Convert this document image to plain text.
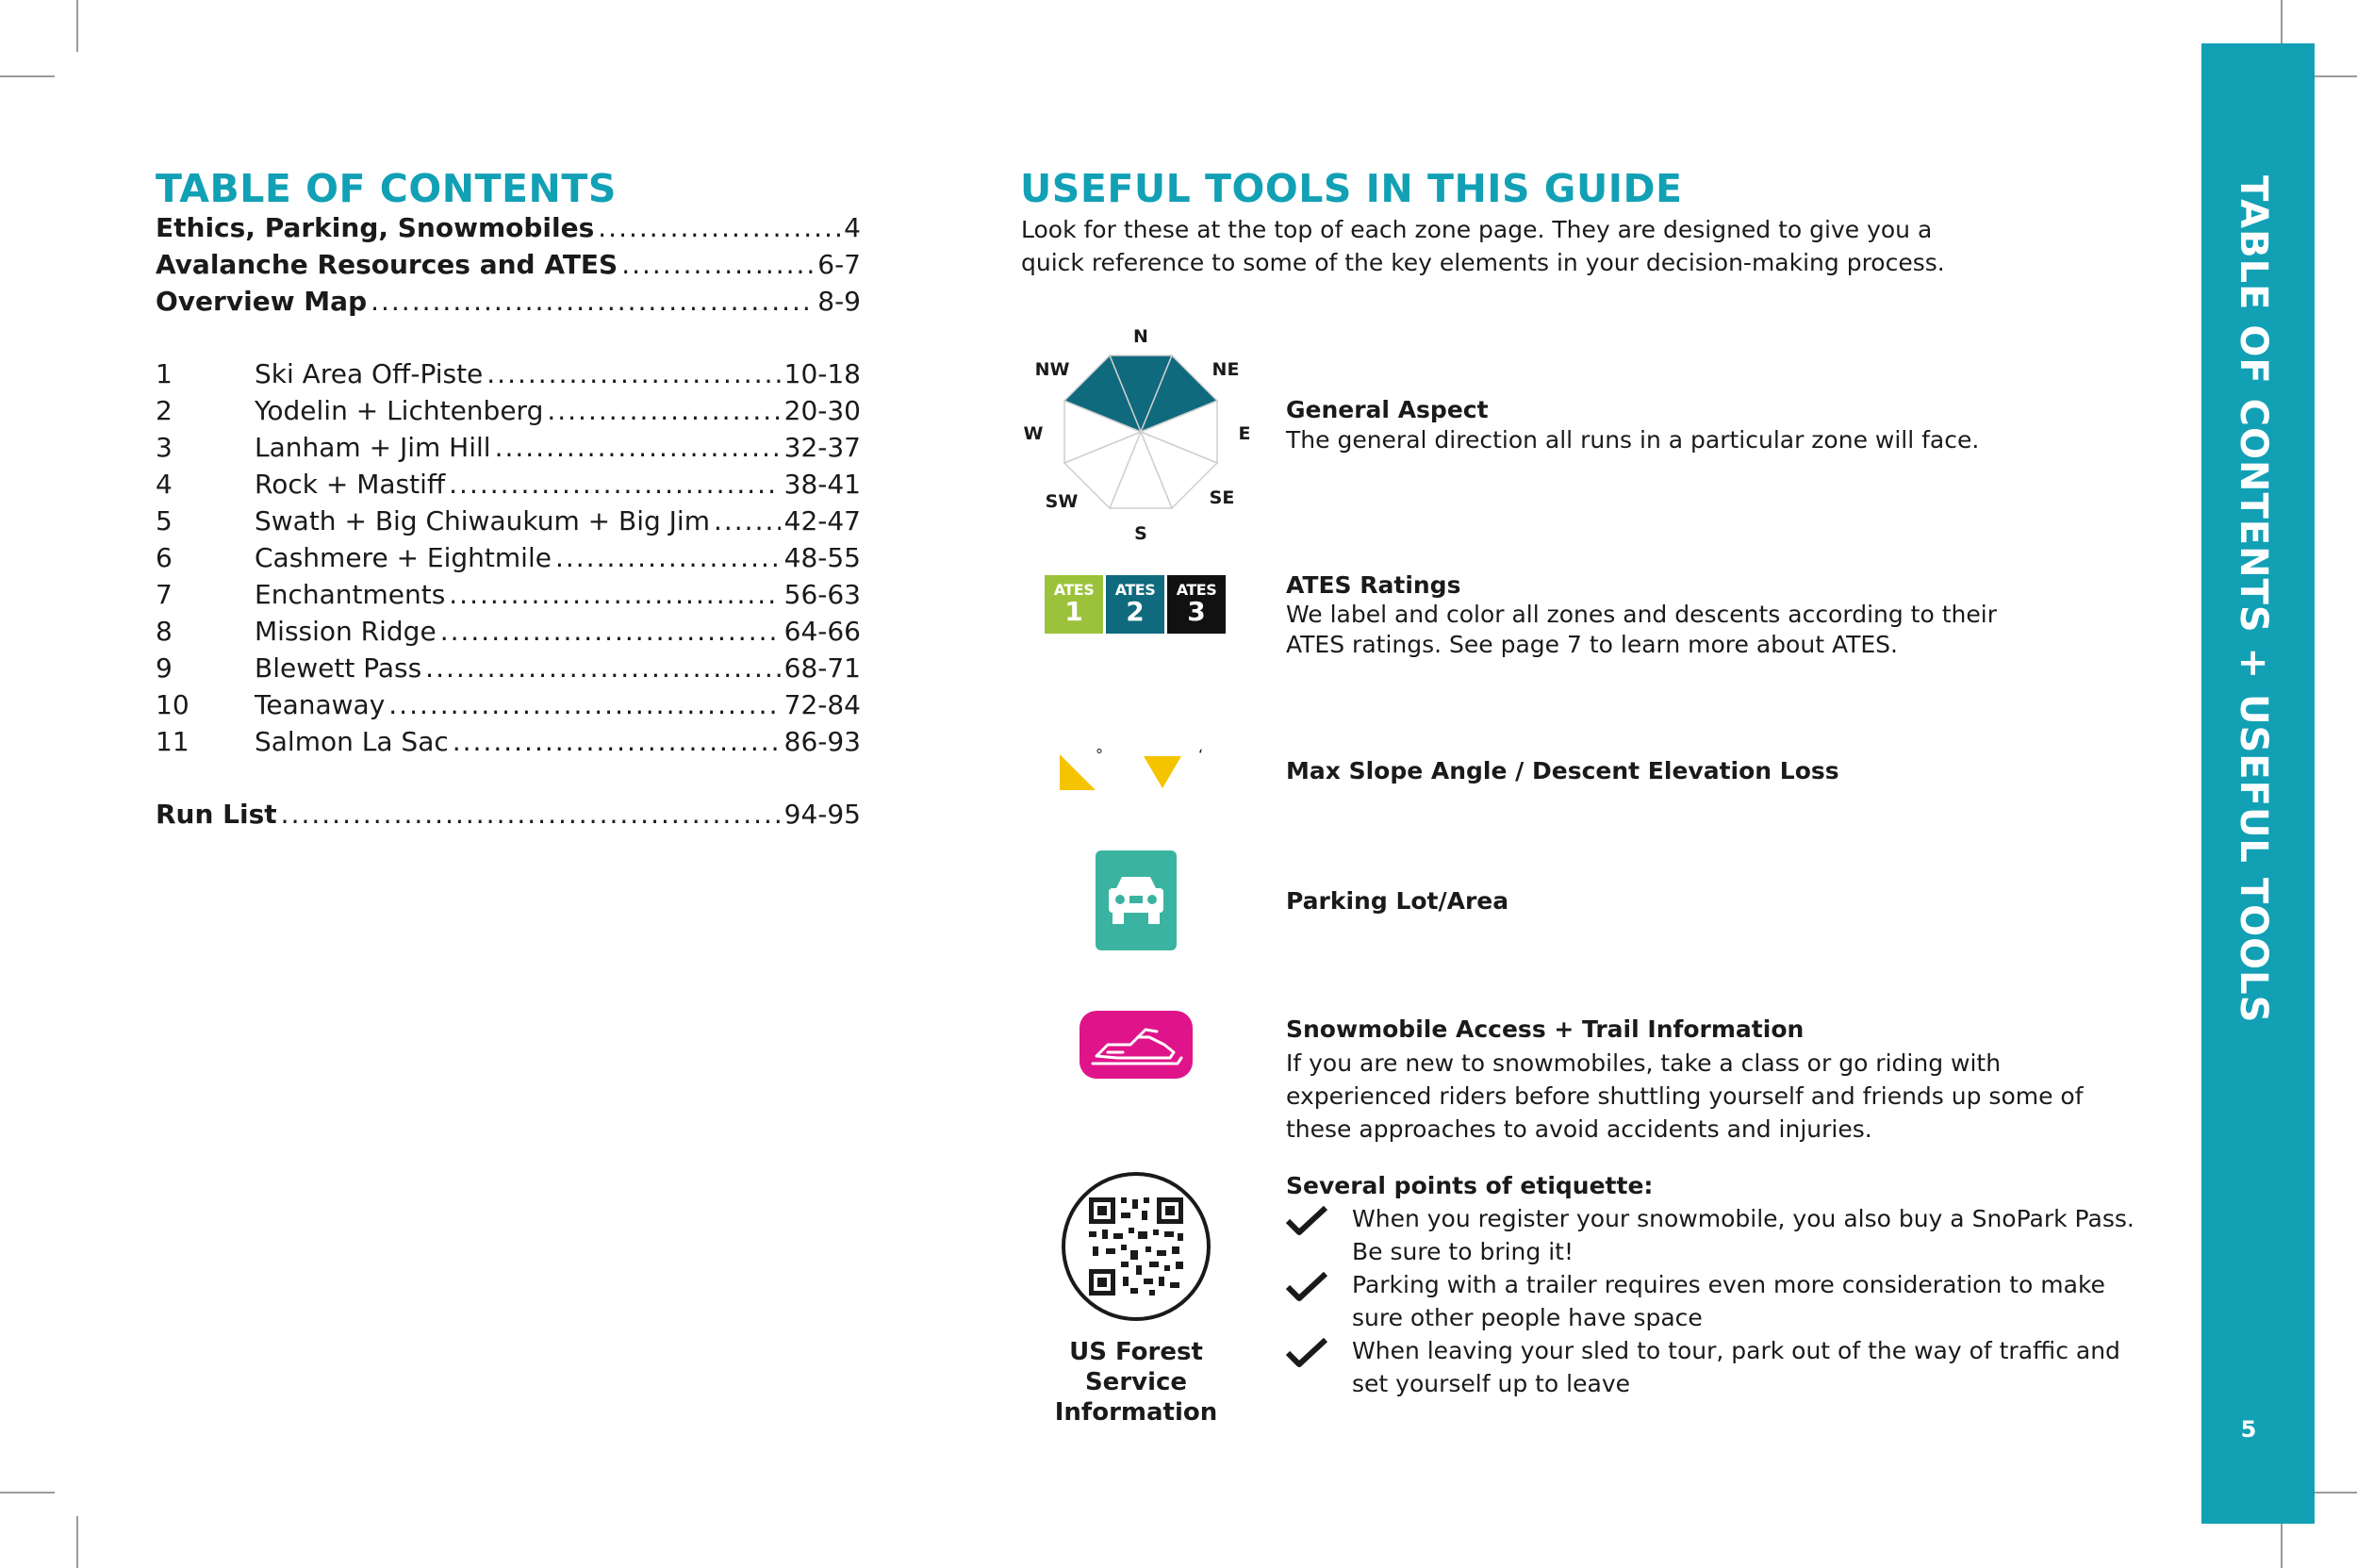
TABLE OF CONTENTS
Ethics, Parking, Snowmobiles .....	4
Avalanche Resources and ATES .....	6-7
Overview Map .....	8-9
1	Ski Area Off-Piste .....	10-18
2	Yodelin + Lichtenberg .....	20-30
3	Lanham + Jim Hill .....	32-37
4	Rock + Mastiff .....	38-41
5	Swath + Big Chiwaukum + Big Jim .....	42-47
6	Cashmere + Eightmile .....	48-55
7	Enchantments .....	56-63
8	Mission Ridge .....	64-66
9	Blewett Pass .....	68-71
10	Teanaway .....	72-84
11	Salmon La Sac .....	86-93
Run List .....	94-95
USEFUL TOOLS IN THIS GUIDE
Look for these at the top of each zone page. They are designed to give you a quick reference to some of the key elements in your decision-making process.
N
NE
E
SE
S
SW
W
NW
General Aspect
The general direction all runs in a particular zone will face.
ATES
1
ATES
2
ATES
3
ATES Ratings
We label and color all zones and descents according to their ATES ratings. See page 7 to learn more about ATES.
°	‘
Max Slope Angle / Descent Elevation Loss
Parking Lot/Area
Snowmobile Access + Trail Information
If you are new to snowmobiles, take a class or go riding with experienced riders before shuttling yourself and friends up some of these approaches to avoid accidents and injuries.
US Forest Service Information
Several points of etiquette:
When you register your snowmobile, you also buy a SnoPark Pass. Be sure to bring it!
Parking with a trailer requires even more consideration to make sure other people have space
When leaving your sled to tour, park out of the way of traffic and set yourself up to leave
TABLE OF CONTENTS + USEFUL TOOLS
5
